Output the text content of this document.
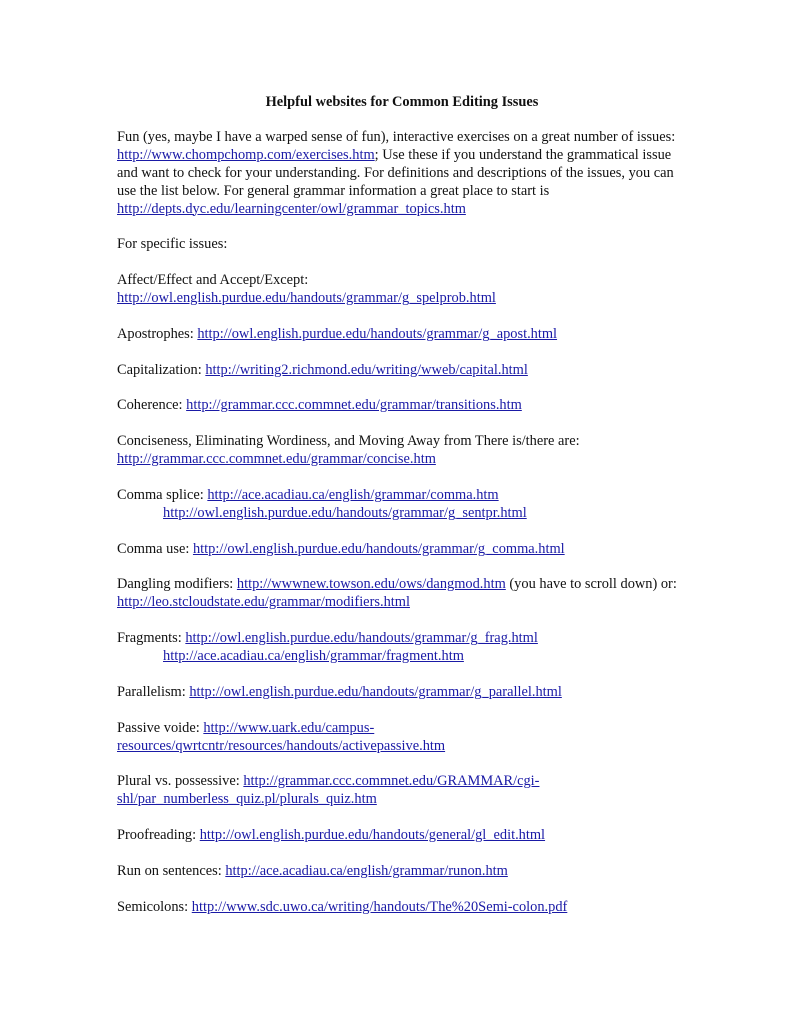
Helpful websites for Common Editing Issues
Fun (yes, maybe I have a warped sense of fun), interactive exercises on a great number of issues: http://www.chompchomp.com/exercises.htm; Use these if you understand the grammatical issue and want to check for your understanding. For definitions and descriptions of the issues, you can use the list below. For general grammar information a great place to start is http://depts.dyc.edu/learningcenter/owl/grammar_topics.htm
For specific issues:
Affect/Effect and Accept/Except:
http://owl.english.purdue.edu/handouts/grammar/g_spelprob.html
Apostrophes: http://owl.english.purdue.edu/handouts/grammar/g_apost.html
Capitalization: http://writing2.richmond.edu/writing/wweb/capital.html
Coherence: http://grammar.ccc.commnet.edu/grammar/transitions.htm
Conciseness, Eliminating Wordiness, and Moving Away from There is/there are:
http://grammar.ccc.commnet.edu/grammar/concise.htm
Comma splice: http://ace.acadiau.ca/english/grammar/comma.htm
http://owl.english.purdue.edu/handouts/grammar/g_sentpr.html
Comma use: http://owl.english.purdue.edu/handouts/grammar/g_comma.html
Dangling modifiers: http://wwwnew.towson.edu/ows/dangmod.htm (you have to scroll down) or: http://leo.stcloudstate.edu/grammar/modifiers.html
Fragments: http://owl.english.purdue.edu/handouts/grammar/g_frag.html
http://ace.acadiau.ca/english/grammar/fragment.htm
Parallelism: http://owl.english.purdue.edu/handouts/grammar/g_parallel.html
Passive voide: http://www.uark.edu/campus-
resources/qwrtcntr/resources/handouts/activepassive.htm
Plural vs. possessive: http://grammar.ccc.commnet.edu/GRAMMAR/cgi-
shl/par_numberless_quiz.pl/plurals_quiz.htm
Proofreading: http://owl.english.purdue.edu/handouts/general/gl_edit.html
Run on sentences: http://ace.acadiau.ca/english/grammar/runon.htm
Semicolons: http://www.sdc.uwo.ca/writing/handouts/The%20Semi-colon.pdf
